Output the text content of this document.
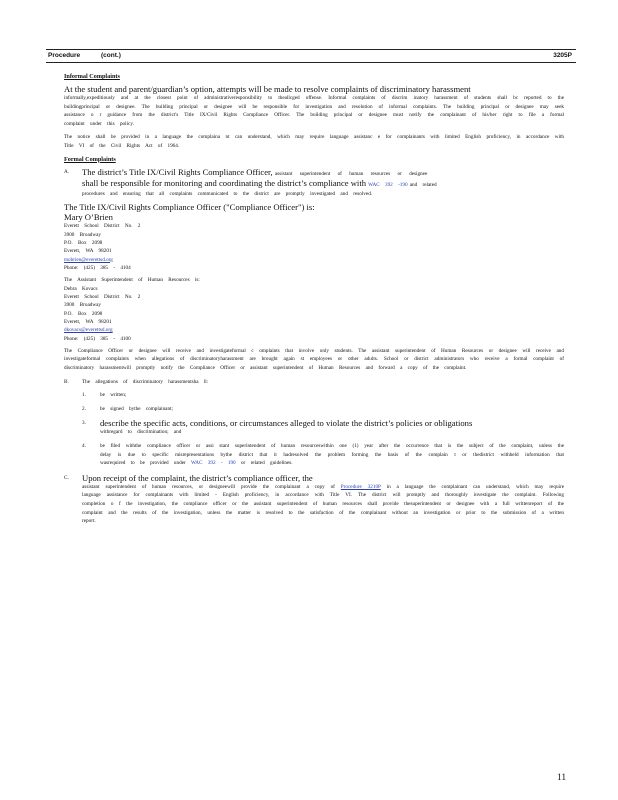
Procedure	(cont.)	3205P
Informal Complaints

At the student and parent/guardian’s option, attempts will be made to resolve complaints of discriminatory harassment

informally,expeditiously and at the closest point of administrativeresponsibility to theallcged offense. Informal complaints of discrim inatory harassment of students shall bc reported to the buildingprincipal or designee. The building principal or designee will be responsible for investigation and resolution of informal complaints. The building principal or designee may seek assistance o r guidance from the district's Title IX/Civil Rights Compliance Officer. The building principal or designee must notify the complainant of his/her right to file a formal complaint under this policy.

The notice shall be provided in a language the complaina nt can understand, which may require language assistanc e for complainants with limited English proficiency, in accordance with Title VI of the Civil Rights Act of 1964.

Formal Complaints
A. The district’s Title IX/Civil Rights Compliance Officer, assistant superintendent of human resources or designee
shall be responsible for monitoring and coordinating the district’s compliance with WAC 392 -190 and related

procedures and ensuring that all complaints communicated to the district are promptly investigated and resolved.

The Title IX/Civil Rights Compliance Officer ("Compliance Officer") is:
Mary O’Brien
Everett School District No. 2
3900 Broadway
P.O. Box 2098
Everett, WA 98201
mobrien@everettsd.org
Phone: (425) 385 - 4104
The Assistant Superintendent of Human Resources is:
Debra Kovacs
Everett School District No. 2
3900 Broadway
P.O. Box 2098
Everett, WA 98201
dkovacs@everettsd.org
Phone: (425) 385 - 4100

The Compliance Officer or designee will receive and investigateformal c omplaints that involve only students. The assistant superintendent of Human Resources or designee will receive and investigateformal complaints when allegations of discriminatoryharassment are brought again st employees or other adults. School or district administrators who receive a formal complaint of discriminatory harassmentwill promptly notify the Compliance Officer or assistant superintendent of Human Resources and forward a copy of the complaint.

B.	The allegations of discriminatory harassmentsha ll:
1.	be written;
2.	be signed bythe complainant;
3. describe the specific acts, conditions, or circumstances alleged to violate the district’s policies or obligations
withregard to discrimination; and
4.	be filed withthe compliance officer or assi stant superintendent of human resourceswithin one (1) year after the occurrence that is the subject of the complaint, unless the delay is due to specific misrepresentations bythe district that it hadresolved the problem forming the basis of the complain t or thedistrict withheld information that wasrequired to be provided under WAC 392 - 190 or related guidelines.

C. Upon receipt of the complaint, the district’s compliance officer, the

assistant superintendent of human resources, or designeewill provide the complainant a copy of Procedure 3210P in a language the complainant can understand, which may require language assistance for complainants with limited - English proficiency, in accordance with Title VI. The district will promptly and thoroughly investigate the complaint. Following completion o f the investigation, the compliance officer or the assistant superintendent of human resources shall provide thesuperintendent or designee with a full writtenreport of the complaint and the results of the investigation, unless the matter is resolved to the satisfaction of the complainant without an investigation or prior to the submission of a written report.

11
